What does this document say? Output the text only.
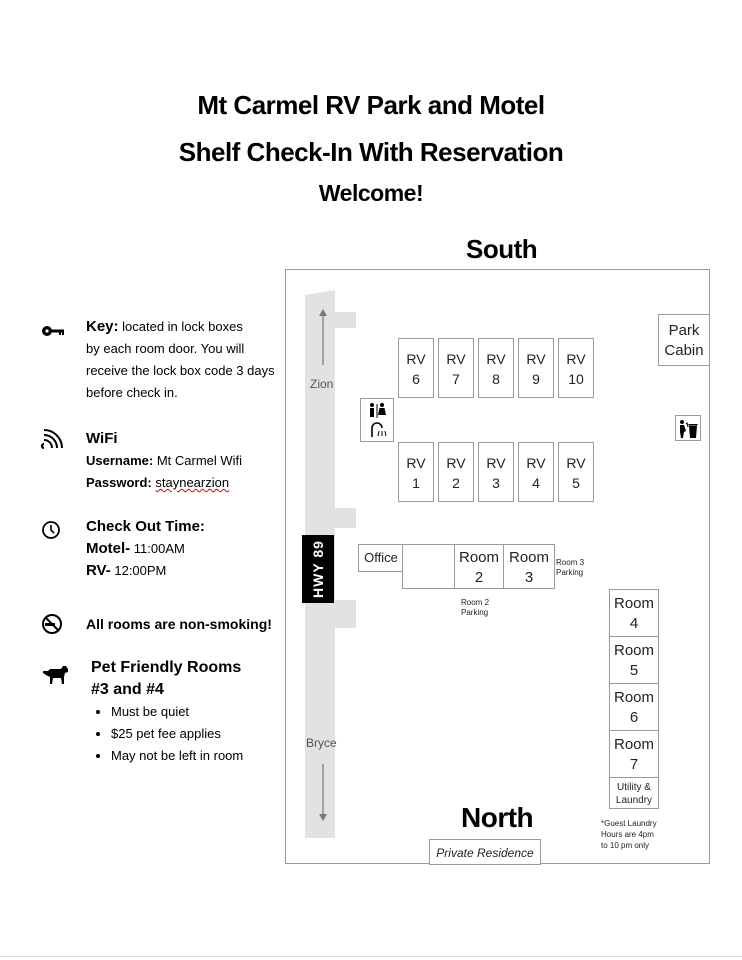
Mt Carmel RV Park and Motel
Shelf Check-In With Reservation
Welcome!
Key: located in lock boxes
by each room door. You will
receive the lock box code 3 days
before check in.
WiFi
Username: Mt Carmel Wifi
Password: staynearzion
Check Out Time:
Motel- 11:00AM
RV- 12:00PM
All rooms are non-smoking!
Pet Friendly Rooms
#3 and #4
• Must be quiet
• $25 pet fee applies
• May not be left in room
South
North
Zion
Bryce
HWY 89
RV
6
RV
7
RV
8
RV
9
RV
10
RV
1
RV
2
RV
3
RV
4
RV
5
Park
Cabin
Office	Room
2
Room
3
Room 3
Parking
Room 2
Parking
Room
4
Room
5
Room
6
Room
7
Utility &
Laundry
*Guest Laundry
Hours are 4pm
to 10 pm only
Private Residence
